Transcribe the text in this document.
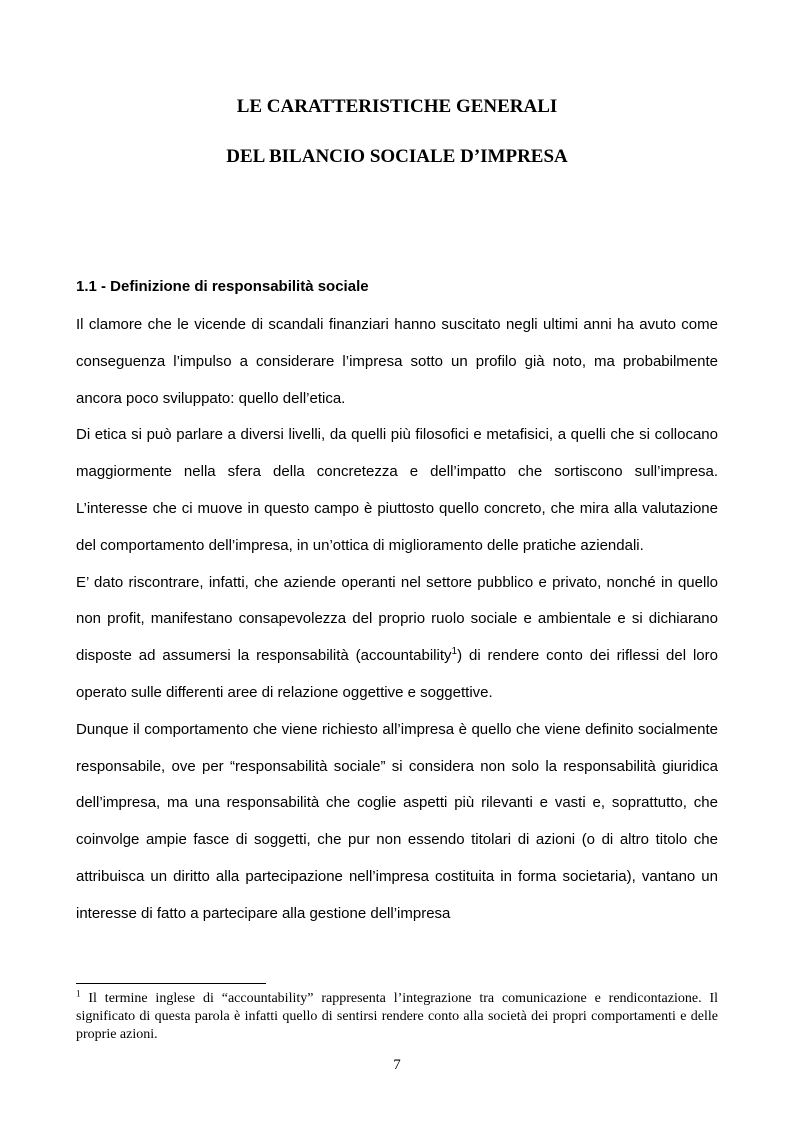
LE CARATTERISTICHE GENERALI
DEL BILANCIO SOCIALE D’IMPRESA
1.1 - Definizione di responsabilità sociale

Il clamore che le vicende di scandali finanziari hanno suscitato negli ultimi anni ha avuto come conseguenza l’impulso a considerare l’impresa sotto un profilo già noto, ma probabilmente ancora poco sviluppato: quello dell’etica.

Di etica si può parlare a diversi livelli, da quelli più filosofici e metafisici, a quelli che si collocano maggiormente nella sfera della concretezza e dell’impatto che sortiscono sull’impresa. L’interesse che ci muove in questo campo è piuttosto quello concreto, che mira alla valutazione del comportamento dell’impresa, in un’ottica di miglioramento delle pratiche aziendali.

E’ dato riscontrare, infatti, che aziende operanti nel settore pubblico e privato, nonché in quello non profit, manifestano consapevolezza del proprio ruolo sociale e ambientale e si dichiarano disposte ad assumersi la responsabilità (accountability$^1$) di rendere conto dei riflessi del loro operato sulle differenti aree di relazione oggettive e soggettive.

Dunque il comportamento che viene richiesto all’impresa è quello che viene definito socialmente responsabile, ove per “responsabilità sociale” si considera non solo la responsabilità giuridica dell’impresa, ma una responsabilità che coglie aspetti più rilevanti e vasti e, soprattutto, che coinvolge ampie fasce di soggetti, che pur non essendo titolari di azioni (o di altro titolo che attribuisca un diritto alla partecipazione nell’impresa costituita in forma societaria), vantano un interesse di fatto a partecipare alla gestione dell’impresa

$^1$ Il termine inglese di “accountability” rappresenta l’integrazione tra comunicazione e rendicontazione. Il significato di questa parola è infatti quello di sentirsi rendere conto alla società dei propri comportamenti e delle proprie azioni.
7
